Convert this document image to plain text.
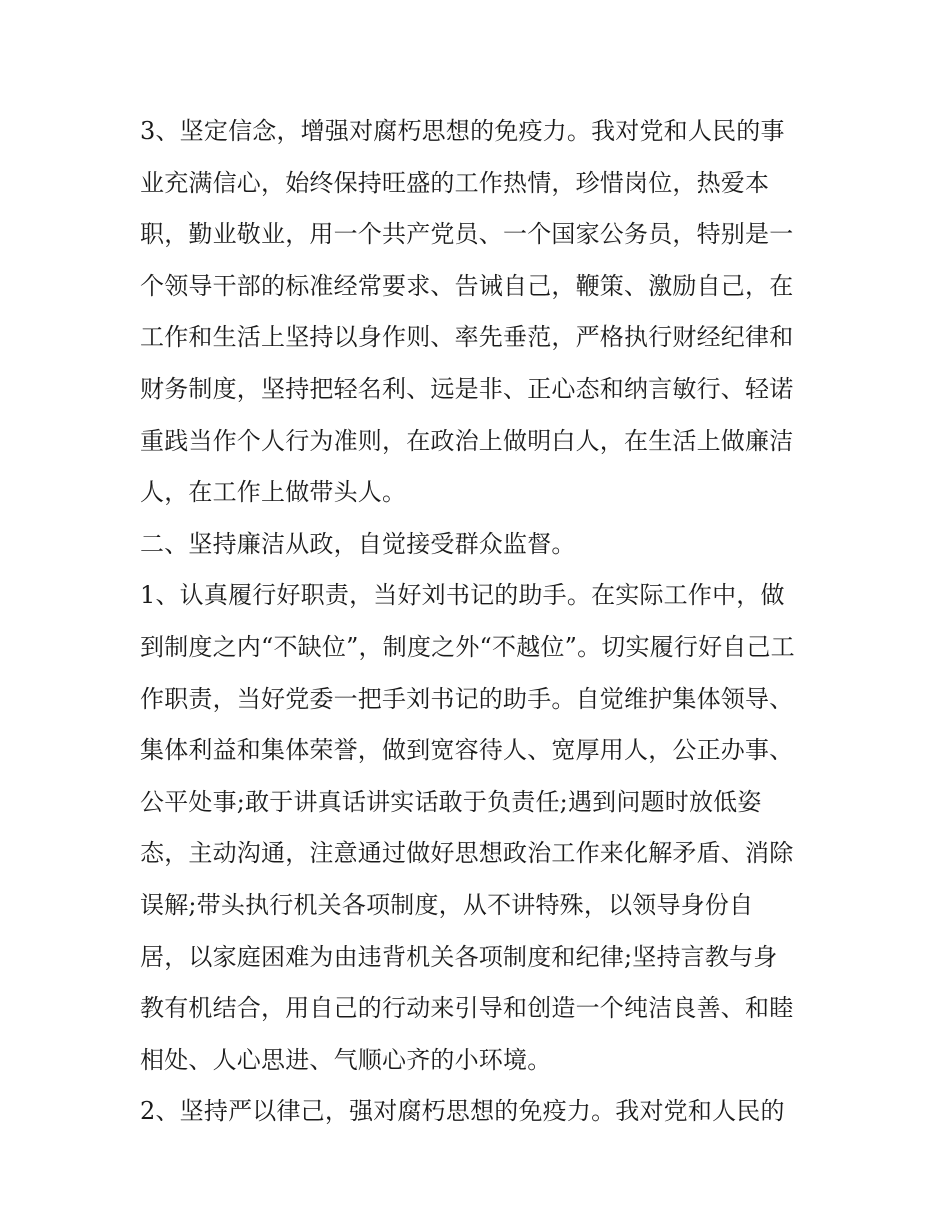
3、坚定信念，增强对腐朽思想的免疫力。我对党和人民的事
业充满信心，始终保持旺盛的工作热情，珍惜岗位，热爱本
职，勤业敬业，用一个共产党员、一个国家公务员，特别是一
个领导干部的标准经常要求、告诫自己，鞭策、激励自己，在
工作和生活上坚持以身作则、率先垂范，严格执行财经纪律和
财务制度，坚持把轻名利、远是非、正心态和纳言敏行、轻诺
重践当作个人行为准则，在政治上做明白人，在生活上做廉洁
人，在工作上做带头人。
二、坚持廉洁从政，自觉接受群众监督。
1、认真履行好职责，当好刘书记的助手。在实际工作中，做
到制度之内“不缺位”，制度之外“不越位”。切实履行好自己工
作职责，当好党委一把手刘书记的助手。自觉维护集体领导、
集体利益和集体荣誉，做到宽容待人、宽厚用人，公正办事、
公平处事;敢于讲真话讲实话敢于负责任;遇到问题时放低姿
态，主动沟通，注意通过做好思想政治工作来化解矛盾、消除
误解;带头执行机关各项制度，从不讲特殊，以领导身份自
居，以家庭困难为由违背机关各项制度和纪律;坚持言教与身
教有机结合，用自己的行动来引导和创造一个纯洁良善、和睦
相处、人心思进、气顺心齐的小环境。
2、坚持严以律己，强对腐朽思想的免疫力。我对党和人民的
